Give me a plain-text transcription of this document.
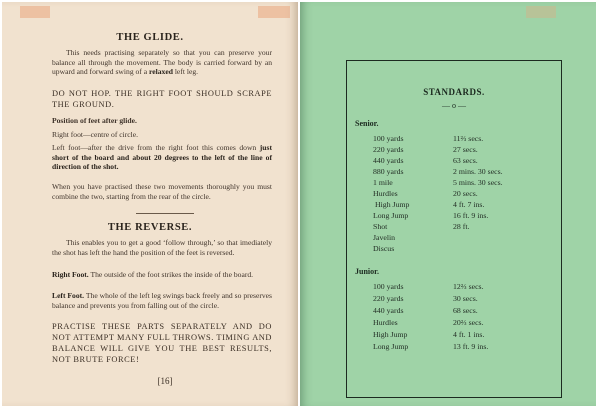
THE GLIDE.
This needs practising separately so that you can preserve your balance all through the movement. The body is carried forward by an upward and forward swing of a relaxed left leg.
DO NOT HOP. THE RIGHT FOOT SHOULD SCRAPE THE GROUND.
Position of feet after glide.
Right foot—centre of circle.
Left foot—after the drive from the right foot this comes down just short of the board and about 20 degrees to the left of the line of direction of the shot.
When you have practised these two movements thoroughly you must combine the two, starting from the rear of the circle.
THE REVERSE.
This enables you to get a good ‘follow through,’ so that imediately the shot has left the hand the position of the feet is reversed.
Right Foot. The outside of the foot strikes the inside of the board.
Left Foot. The whole of the left leg swings back freely and so preserves balance and prevents you from falling out of the circle.
PRACTISE THESE PARTS SEPARATELY AND DO NOT ATTEMPT MANY FULL THROWS. TIMING AND BALANCE WILL GIVE YOU THE BEST RESULTS, NOT BRUTE FORCE!
[16]
STANDARDS.
— o —
Senior.
100 yards	11⅔ secs.
220 yards	27 secs.
440 yards	63 secs.
880 yards	2 mins. 30 secs.
1 mile	5 mins. 30 secs.
Hurdles	20 secs.
High Jump	4 ft. 7 ins.
Long Jump	16 ft. 9 ins.
Shot	28 ft.
Javelin
Discus
Junior.
100 yards	12⅔ secs.
220 yards	30 secs.
440 yards	68 secs.
Hurdles	20⅔ secs.
High Jump	4 ft. 1 ins.
Long Jump	13 ft. 9 ins.
